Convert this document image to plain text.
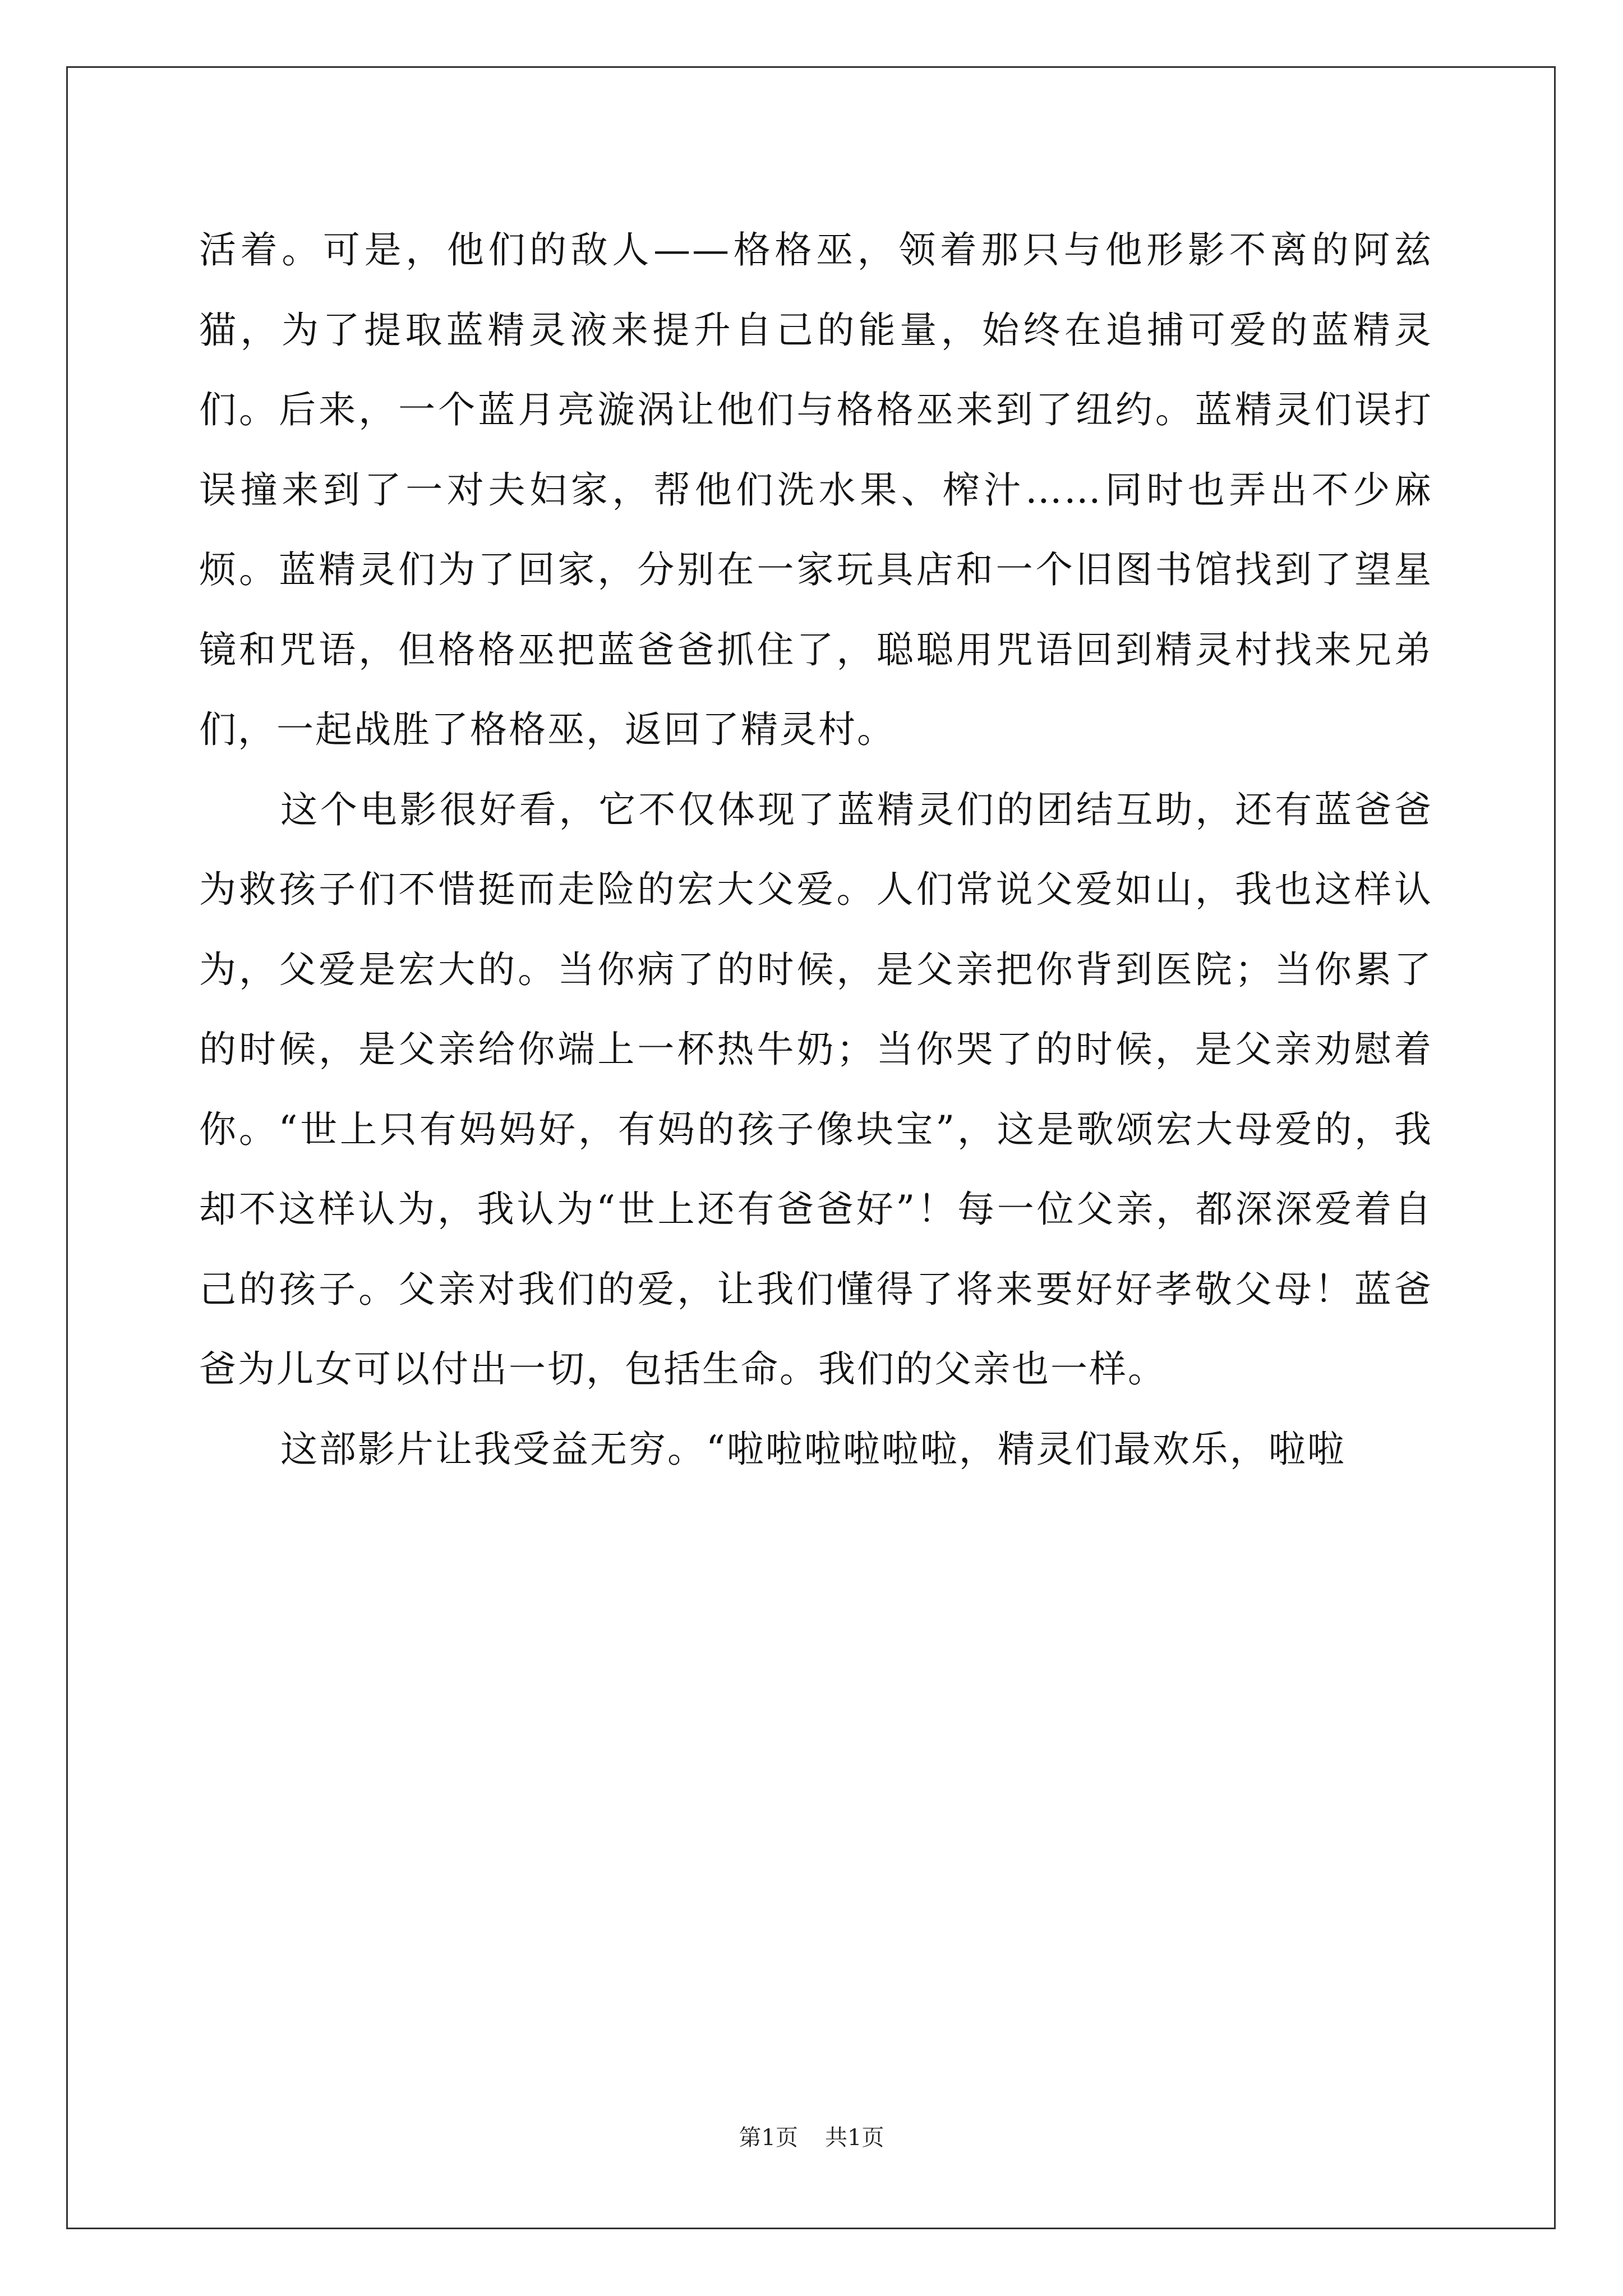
活着。可是，他们的敌人——格格巫，领着那只与他形影不离的阿兹猫，为了提取蓝精灵液来提升自己的能量，始终在追捕可爱的蓝精灵们。后来，一个蓝月亮漩涡让他们与格格巫来到了纽约。蓝精灵们误打误撞来到了一对夫妇家，帮他们洗水果、榨汁……同时也弄出不少麻烦。蓝精灵们为了回家，分别在一家玩具店和一个旧图书馆找到了望星镜和咒语，但格格巫把蓝爸爸抓住了，聪聪用咒语回到精灵村找来兄弟们，一起战胜了格格巫，返回了精灵村。

这个电影很好看，它不仅体现了蓝精灵们的团结互助，还有蓝爸爸为救孩子们不惜挺而走险的宏大父爱。人们常说父爱如山，我也这样认为，父爱是宏大的。当你病了的时候，是父亲把你背到医院；当你累了的时候，是父亲给你端上一杯热牛奶；当你哭了的时候，是父亲劝慰着你。“世上只有妈妈好，有妈的孩子像块宝”，这是歌颂宏大母爱的，我却不这样认为，我认为“世上还有爸爸好”！每一位父亲，都深深爱着自己的孩子。父亲对我们的爱，让我们懂得了将来要好好孝敬父母！蓝爸爸为儿女可以付出一切，包括生命。我们的父亲也一样。

这部影片让我受益无穷。“啦啦啦啦啦啦，精灵们最欢乐，啦啦

第1页 共1页
